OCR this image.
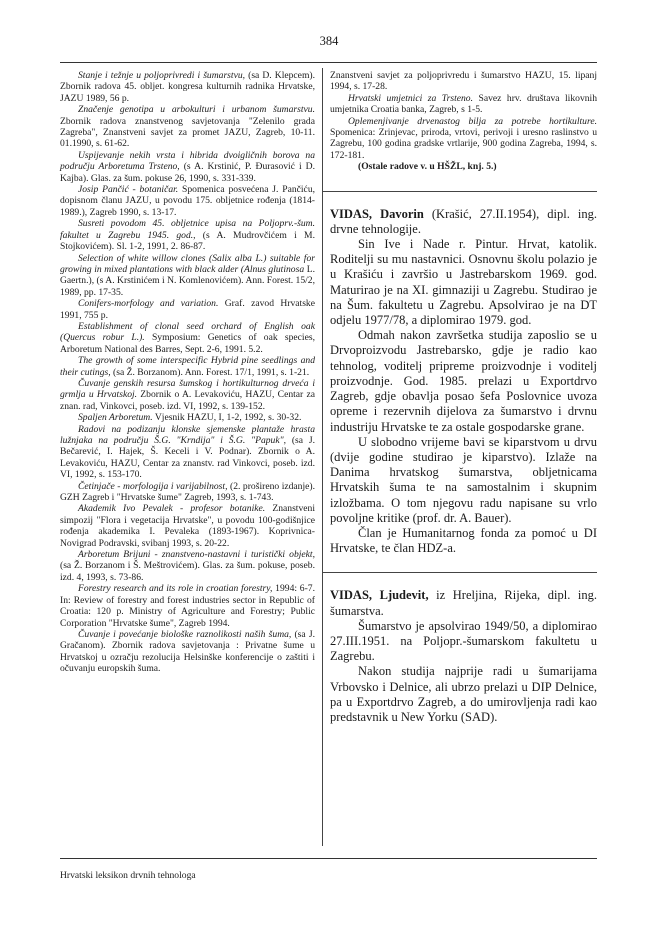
384

Stanje i težnje u poljoprivredi i šumarstvu, (sa D. Klepcem). Zbornik radova 45. obljet. kongresa kulturnih radnika Hrvatske, JAZU 1989, 56 p.

Značenje genotipa u arbokulturi i urbanom šumarstvu. Zbornik radova znanstvenog savjetovanja "Zelenilo grada Zagreba", Znanstveni savjet za promet JAZU, Zagreb, 10-11. 01.1990, s. 61-62.

Uspijevanje nekih vrsta i hibrida dvoigličnih borova na području Arboretuma Trsteno, (s A. Krstinić, P. Ðurasović i D. Kajba). Glas. za šum. pokuse 26, 1990, s. 331-339.

Josip Pančić - botaničar. Spomenica posvećena J. Pančiću, dopisnom članu JAZU, u povodu 175. obljetnice rođenja (1814-1989.), Zagreb 1990, s. 13-17.

Susreti povodom 45. obljetnice upisa na Poljoprv.-šum. fakultet u Zagrebu 1945. god., (s A. Mudrovčićem i M. Stojkovićem). Sl. 1-2, 1991, 2. 86-87.

Selection of white willow clones (Salix alba L.) suitable for growing in mixed plantations with black alder (Alnus glutinosa L. Gaertn.), (s A. Krstinićem i N. Komlenovićem). Ann. Forest. 15/2, 1989, pp. 17-35.

Conifers-morfology and variation. Graf. zavod Hrvatske 1991, 755 p.

Establishment of clonal seed orchard of English oak (Quercus robur L.). Symposium: Genetics of oak species, Arboretum National des Barres, Sept. 2-6, 1991. 5.2.

The growth of some interspecific Hybrid pine seedlings and their cutings, (sa Ž. Borzanom). Ann. Forest. 17/1, 1991, s. 1-21.

Čuvanje genskih resursa šumskog i hortikulturnog drveća i grmlja u Hrvatskoj. Zbornik o A. Levakoviću, HAZU, Centar za znan. rad, Vinkovci, poseb. izd. VI, 1992, s. 139-152.

Spaljen Arboretum. Vjesnik HAZU, I, 1-2, 1992, s. 30-32.

Radovi na podizanju klonske sjemenske plantaže hrasta lužnjaka na području Š.G. "Krndija" i Š.G. "Papuk", (sa J. Bečarević, I. Hajek, Š. Keceli i V. Podnar). Zbornik o A. Levakoviću, HAZU, Centar za znanstv. rad Vinkovci, poseb. izd. VI, 1992, s. 153-170.

Četinjače - morfologija i varijabilnost, (2. prošireno izdanje). GZH Zagreb i "Hrvatske šume" Zagreb, 1993, s. 1-743.

Akademik Ivo Pevalek - profesor botanike. Znanstveni simpozij "Flora i vegetacija Hrvatske", u povodu 100-godišnjice rođenja akademika I. Pevaleka (1893-1967). Koprivnica-Novigrad Podravski, svibanj 1993, s. 20-22.

Arboretum Brijuni - znanstveno-nastavni i turistički objekt, (sa Ž. Borzanom i Š. Meštrovićem). Glas. za šum. pokuse, poseb. izd. 4, 1993, s. 73-86.

Forestry research and its role in croatian forestry, 1994: 6-7. In: Review of forestry and forest industries sector in Republic of Croatia: 120 p. Ministry of Agriculture and Forestry; Public Corporation "Hrvatske šume", Zagreb 1994.

Čuvanje i povećanje biološke raznolikosti naših šuma, (sa J. Gračanom). Zbornik radova savjetovanja : Privatne šume u Hrvatskoj u ozračju rezolucija Helsinške konferencije o zaštiti i očuvanju europskih šuma.

Znanstveni savjet za poljoprivredu i šumarstvo HAZU, 15. lipanj 1994, s. 17-28.

Hrvatski umjetnici za Trsteno. Savez hrv. društava likovnih umjetnika Croatia banka, Zagreb, s 1-5.

Oplemenjivanje drvenastog bilja za potrebe hortikulture. Spomenica: Zrinjevac, priroda, vrtovi, perivoji i uresno raslinstvo u Zagrebu, 100 godina gradske vrtlarije, 900 godina Zagreba, 1994, s. 172-181.

(Ostale radove v. u HŠŽL, knj. 5.)

VIDAS, Davorin (Krašić, 27.II.1954), dipl. ing. drvne tehnologije.

Sin Ive i Nade r. Pintur. Hrvat, katolik. Roditelji su mu nastavnici. Osnovnu školu polazio je u Krašiću i završio u Jastrebarskom 1969. god. Maturirao je na XI. gimnaziji u Zagrebu. Studirao je na Šum. fakultetu u Zagrebu. Apsolvirao je na DT odjelu 1977/78, a diplomirao 1979. god.

Odmah nakon završetka studija zaposlio se u Drvoproizvodu Jastrebarsko, gdje je radio kao tehnolog, voditelj pripreme proizvodnje i voditelj proizvodnje. God. 1985. prelazi u Exportdrvo Zagreb, gdje obavlja posao šefa Poslovnice uvoza opreme i rezervnih dijelova za šumarstvo i drvnu industriju Hrvatske te za ostale gospodarske grane.

U slobodno vrijeme bavi se kiparstvom u drvu (dvije godine studirao je kiparstvo). Izlaže na Danima hrvatskog šumarstva, obljetnicama Hrvatskih šuma te na samostalnim i skupnim izložbama. O tom njegovu radu napisane su vrlo povoljne kritike (prof. dr. A. Bauer).

Član je Humanitarnog fonda za pomoć u DI Hrvatske, te član HDZ-a.

VIDAS, Ljudevit, iz Hreljina, Rijeka, dipl. ing. šumarstva.

Šumarstvo je apsolvirao 1949/50, a diplomirao 27.III.1951. na Poljopr.-šumarskom fakultetu u Zagrebu.

Nakon studija najprije radi u šumarijama Vrbovsko i Delnice, ali ubrzo prelazi u DIP Delnice, pa u Exportdrvo Zagreb, a do umirovljenja radi kao predstavnik u New Yorku (SAD).

Hrvatski leksikon drvnih tehnologa
